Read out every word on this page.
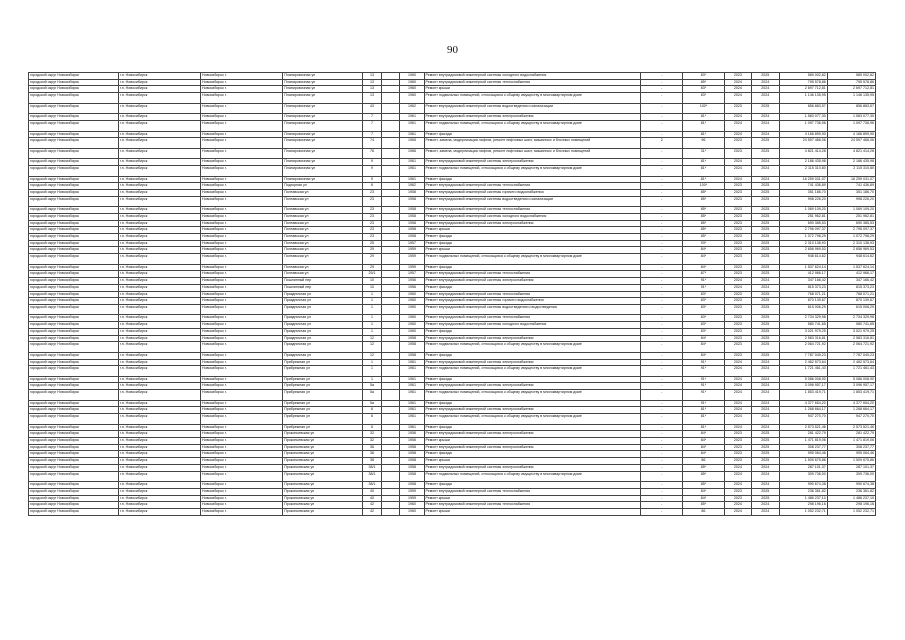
90
городской округ Новосибирск	г.п. Новосибирск	Новосибирск г.	Планировочная ул	13		1960	Ремонт внутридомовой инженерной системы холодного водоснабжения	-	83*	2023	2025	589 002,82	589 002,82
городской округ Новосибирск	г.п. Новосибирск	Новосибирск г.	Планировочная ул	13		1960	Ремонт внутридомовой инженерной системы теплоснабжения	-	85*	2024	2024	795 578,86	795 578,86
городской округ Новосибирск	г.п. Новосибирск	Новосибирск г.	Планировочная ул	13		1960	Ремонт крыши	-	83*	2024	2024	2 697 712,81	2 697 712,81
городской округ Новосибирск	г.п. Новосибирск	Новосибирск г.	Планировочная ул	13		1960	Ремонт подвальных помещений, относящихся к общему имуществу в многоквартирном доме	-	83*	2024	2024	1 146 135,95	1 146 135,95
городской округ Новосибирск	г.п. Новосибирск	Новосибирск г.	Планировочная ул	43		1962	Ремонт внутридомовой инженерной системы водоотведения и канализации	-	100*	2023	2025	856 883,57	856 883,57
городской округ Новосибирск	г.п. Новосибирск	Новосибирск г.	Планировочная ул	7		1961	Ремонт внутридомовой инженерной системы электроснабжения	-	81*	2024	2024	1 583 077,30	1 583 077,30
городской округ Новосибирск	г.п. Новосибирск	Новосибирск г.	Планировочная ул	7		1961	Ремонт подвальных помещений, относящихся к общему имуществу в многоквартирном доме	-	81*	2024	2024	1 097 736,96	1 097 736,96
городской округ Новосибирск	г.п. Новосибирск	Новосибирск г.	Планировочная ул	7		1961	Ремонт фасада	-	81*	2024	2024	4 166 899,90	4 166 899,90
городской округ Новосибирск	г.п. Новосибирск	Новосибирск г.	Планировочная ул	74		1965	Ремонт, замена, модернизация лифтов, ремонт лифтовых шахт, машинных и блочных помещений	2	96	2023	2025	24 597 466,06	24 597 466,06
городской округ Новосибирск	г.п. Новосибирск	Новосибирск г.	Планировочная ул	76		1966	Ремонт, замена, модернизация лифтов, ремонт лифтовых шахт, машинных и блочных помещений	-	31*	2023	2025	4 821 414,28	4 821 414,28
городской округ Новосибирск	г.п. Новосибирск	Новосибирск г.	Планировочная ул	9		1961	Ремонт внутридомовой инженерной системы электроснабжения	-	81*	2024	2024	2 186 435,98	2 186 435,98
городской округ Новосибирск	г.п. Новосибирск	Новосибирск г.	Планировочная ул	9		1961	Ремонт подвальных помещений, относящихся к общему имуществу в многоквартирном доме	-	81*	2024	2024	2 115 310,80	2 115 310,80
городской округ Новосибирск	г.п. Новосибирск	Новосибирск г.	Планировочная ул	9		1961	Ремонт фасада	-	81*	2024	2024	16 259 031,07	16 259 031,07
городской округ Новосибирск	г.п. Новосибирск	Новосибирск г.	Подгорная ул	6		1962	Ремонт внутридомовой инженерной системы теплоснабжения	-	100*	2023	2025	741 436,89	741 436,89
городской округ Новосибирск	г.п. Новосибирск	Новосибирск г.	Полтавская ул	23		1958	Ремонт внутридомовой инженерной системы горячего водоснабжения	-	85*	2023	2025	351 186,70	351 186,70
городской округ Новосибирск	г.п. Новосибирск	Новосибирск г.	Полтавская ул	23		1958	Ремонт внутридомовой инженерной системы водоотведения и канализации	-	85*	2023	2025	998 226,20	998 226,20
городской округ Новосибирск	г.п. Новосибирск	Новосибирск г.	Полтавская ул	23		1958	Ремонт внутридомовой инженерной системы теплоснабжения	-	85*	2023	2025	1 069 109,20	1 069 109,20
городской округ Новосибирск	г.п. Новосибирск	Новосибирск г.	Полтавская ул	23		1958	Ремонт внутридомовой инженерной системы холодного водоснабжения	-	85*	2023	2025	251 962,81	251 962,81
городской округ Новосибирск	г.п. Новосибирск	Новосибирск г.	Полтавская ул	23		1958	Ремонт внутридомовой инженерной системы электроснабжения	-	85*	2023	2025	690 385,53	690 385,53
городской округ Новосибирск	г.п. Новосибирск	Новосибирск г.	Полтавская ул	23		1958	Ремонт крыши	-	85*	2023	2025	2 796 097,37	2 796 097,37
городской округ Новосибирск	г.п. Новосибирск	Новосибирск г.	Полтавская ул	23		1958	Ремонт фасада	-	85*	2023	2025	1 072 798,29	1 072 798,29
городской округ Новосибирск	г.п. Новосибирск	Новосибирск г.	Полтавская ул	25		1957	Ремонт фасада	-	93*	2023	2025	2 310 138,93	2 310 138,93
городской округ Новосибирск	г.п. Новосибирск	Новосибирск г.	Полтавская ул	29		1959	Ремонт крыши	-	84*	2023	2025	2 656 969,53	2 656 969,53
городской округ Новосибирск	г.п. Новосибирск	Новосибирск г.	Полтавская ул	29		1959	Ремонт подвальных помещений, относящихся к общему имуществу в многоквартирном доме	-	84*	2023	2025	948 614,62	948 614,62
городской округ Новосибирск	г.п. Новосибирск	Новосибирск г.	Полтавская ул	29		1959	Ремонт фасада	-	84*	2023	2025	1 537 624,14	1 537 624,14
городской округ Новосибирск	г.п. Новосибирск	Новосибирск г.	Полтавская ул	25/1		1957	Ремонт внутридомовой инженерной системы теплоснабжения	-	87*	2023	2025	412 966,17	412 966,17
городской округ Новосибирск	г.п. Новосибирск	Новосибирск г.	Пошлинный пер	10		1956	Ремонт внутридомовой инженерной системы электроснабжения	-	91*	2024	2024	347 166,42	347 166,42
городской округ Новосибирск	г.п. Новосибирск	Новосибирск г.	Пошлинный пер	10		1956	Ремонт фасада	-	91*	2024	2024	815 373,23	815 373,23
городской округ Новосибирск	г.п. Новосибирск	Новосибирск г.	Праздничная ул	1		1960	Ремонт внутридомовой инженерной системы теплоснабжения	-	83*	2023	2025	768 071,21	768 071,21
городской округ Новосибирск	г.п. Новосибирск	Новосибирск г.	Праздничная ул	1		1960	Ремонт внутридомовой инженерной системы горячего водоснабжения	-	83*	2023	2025	870 139,67	870 139,67
городской округ Новосибирск	г.п. Новосибирск	Новосибирск г.	Праздничная ул	1		1960	Ремонт внутридомовой инженерной системы водоотведения и водоотведения	-	83*	2023	2025	615 006,29	615 006,29
городской округ Новосибирск	г.п. Новосибирск	Новосибирск г.	Праздничная ул	1		1960	Ремонт внутридомовой инженерной системы теплоснабжения	-	83*	2023	2025	2 734 329,98	2 734 329,98
городской округ Новосибирск	г.п. Новосибирск	Новосибирск г.	Праздничная ул	1		1960	Ремонт внутридомовой инженерной системы холодного водоснабжения	-	83*	2023	2025	580 741,65	580 741,65
городской округ Новосибирск	г.п. Новосибирск	Новосибирск г.	Праздничная ул	1		1960	Ремонт фасада	-	83*	2023	2025	3 021 979,25	3 021 979,25
городской округ Новосибирск	г.п. Новосибирск	Новосибирск г.	Праздничная ул	12		1958	Ремонт внутридомовой инженерной системы электроснабжения	-	84*	2023	2025	2 583 316,81	2 583 316,81
городской округ Новосибирск	г.п. Новосибирск	Новосибирск г.	Праздничная ул	12		1958	Ремонт подвальных помещений, относящихся к общему имуществу в многоквартирном доме	-	84*	2023	2025	2 064 721,92	2 064 721,92
городской округ Новосибирск	г.п. Новосибирск	Новосибирск г.	Праздничная ул	12		1958	Ремонт фасада	-	84*	2023	2025	7 787 049,23	7 787 049,23
городской округ Новосибирск	г.п. Новосибирск	Новосибирск г.	Прибрежная ул	1		1961	Ремонт внутридомовой инженерной системы электроснабжения	-	91*	2024	2024	2 462 573,64	2 462 573,64
городской округ Новосибирск	г.п. Новосибирск	Новосибирск г.	Прибрежная ул	1		1961	Ремонт подвальных помещений, относящихся к общему имуществу в многоквартирном доме	-	91*	2024	2024	1 721 461,43	1 721 461,43
городской округ Новосибирск	г.п. Новосибирск	Новосибирск г.	Прибрежная ул	1		1961	Ремонт фасада	-	91*	2024	2024	5 086 008,90	5 086 008,90
городской округ Новосибирск	г.п. Новосибирск	Новосибирск г.	Прибрежная ул	5а		1961	Ремонт внутридомовой инженерной системы электроснабжения	-	91*	2024	2024	3 096 957,17	3 096 957,17
городской округ Новосибирск	г.п. Новосибирск	Новосибирск г.	Прибрежная ул	5а		1961	Ремонт подвальных помещений, относящихся к общему имуществу в многоквартирном доме	-	91*	2024	2024	1 853 419,71	1 853 419,71
городской округ Новосибирск	г.п. Новосибирск	Новосибирск г.	Прибрежная ул	5а		1961	Ремонт фасада	-	91*	2024	2024	4 377 654,20	4 377 654,20
городской округ Новосибирск	г.п. Новосибирск	Новосибирск г.	Прибрежная ул	6		1961	Ремонт внутридомовой инженерной системы электроснабжения	-	81*	2024	2024	1 268 664,17	1 268 664,17
городской округ Новосибирск	г.п. Новосибирск	Новосибирск г.	Прибрежная ул	6		1961	Ремонт подвальных помещений, относящихся к общему имуществу в многоквартирном доме	-	81*	2024	2024	947 270,70	947 270,70
городской округ Новосибирск	г.п. Новосибирск	Новосибирск г.	Прибрежная ул	6		1961	Ремонт фасада	-	81*	2024	2024	2 573 521,46	2 573 521,46
городской округ Новосибирск	г.п. Новосибирск	Новосибирск г.	Прокопьевская ул	32		1956	Ремонт внутридомовой инженерной системы электроснабжения	-	84*	2023	2025	281 422,79	281 422,79
городской округ Новосибирск	г.п. Новосибирск	Новосибирск г.	Прокопьевская ул	32		1956	Ремонт крыши	-	84*	2023	2025	1 471 819,06	1 471 819,06
городской округ Новосибирск	г.п. Новосибирск	Новосибирск г.	Прокопьевская ул	36		1958	Ремонт внутридомовой инженерной системы электроснабжения	-	84*	2023	2025	308 237,77	308 237,77
городской округ Новосибирск	г.п. Новосибирск	Новосибирск г.	Прокопьевская ул	36		1958	Ремонт фасада	-	84*	2023	2025	995 064,46	995 064,46
городской округ Новосибирск	г.п. Новосибирск	Новосибирск г.	Прокопьевская ул	38		1958	Ремонт крыши	-	86	2023	2025	1 509 675,86	1 509 675,86
городской округ Новосибирск	г.п. Новосибирск	Новосибирск г.	Прокопьевская ул	38/1		1958	Ремонт внутридомовой инженерной системы электроснабжения	-	85*	2024	2024	287 101,37	287 101,37
городской округ Новосибирск	г.п. Новосибирск	Новосибирск г.	Прокопьевская ул	38/1		1958	Ремонт подвальных помещений, относящихся к общему имуществу в многоквартирном доме	-	85*	2024	2024	309 736,00	309 736,00
городской округ Новосибирск	г.п. Новосибирск	Новосибирск г.	Прокопьевская ул	38/1		1958	Ремонт фасада	-	85*	2024	2024	990 674,38	990 674,38
городской округ Новосибирск	г.п. Новосибирск	Новосибирск г.	Прокопьевская ул	40		1959	Ремонт внутридомовой инженерной системы теплоснабжения	-	84*	2023	2025	236 361,82	236 361,82
городской округ Новосибирск	г.п. Новосибирск	Новосибирск г.	Прокопьевская ул	40		1959	Ремонт крыши	-	84*	2023	2025	1 486 237,10	1 486 237,10
городской округ Новосибирск	г.п. Новосибирск	Новосибирск г.	Прокопьевская ул	42		1960	Ремонт внутридомовой инженерной системы теплоснабжения	-	85*	2024	2024	298 196,16	298 196,16
городской округ Новосибирск	г.п. Новосибирск	Новосибирск г.	Прокопьевская ул	42		1960	Ремонт крыши	-	86	2024	2024	1 052 232,71	1 052 232,71
